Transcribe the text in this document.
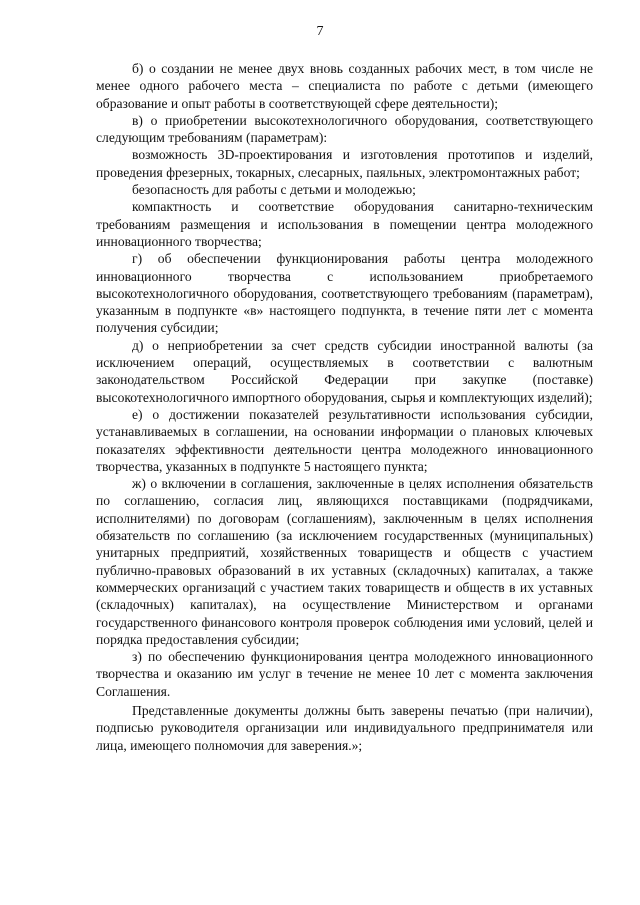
7

б) о создании не менее двух вновь созданных рабочих мест, в том числе не менее одного рабочего места – специалиста по работе с детьми (имеющего образование и опыт работы в соответствующей сфере деятельности);

в) о приобретении высокотехнологичного оборудования, соответствующего следующим требованиям (параметрам):

возможность 3D-проектирования и изготовления прототипов и изделий, проведения фрезерных, токарных, слесарных, паяльных, электромонтажных работ;

безопасность для работы с детьми и молодежью;

компактность и соответствие оборудования санитарно-техническим требованиям размещения и использования в помещении центра молодежного инновационного творчества;

г) об обеспечении функционирования работы центра молодежного инновационного творчества с использованием приобретаемого высокотехнологичного оборудования, соответствующего требованиям (параметрам), указанным в подпункте «в» настоящего подпункта, в течение пяти лет с момента получения субсидии;

д) о неприобретении за счет средств субсидии иностранной валюты (за исключением операций, осуществляемых в соответствии с валютным законодательством Российской Федерации при закупке (поставке) высокотехнологичного импортного оборудования, сырья и комплектующих изделий);

е) о достижении показателей результативности использования субсидии, устанавливаемых в соглашении, на основании информации о плановых ключевых показателях эффективности деятельности центра молодежного инновационного творчества, указанных в подпункте 5 настоящего пункта;

ж) о включении в соглашения, заключенные в целях исполнения обязательств по соглашению, согласия лиц, являющихся поставщиками (подрядчиками, исполнителями) по договорам (соглашениям), заключенным в целях исполнения обязательств по соглашению (за исключением государственных (муниципальных) унитарных предприятий, хозяйственных товариществ и обществ с участием публично-правовых образований в их уставных (складочных) капиталах, а также коммерческих организаций с участием таких товариществ и обществ в их уставных (складочных) капиталах), на осуществление Министерством и органами государственного финансового контроля проверок соблюдения ими условий, целей и порядка предоставления субсидии;

з) по обеспечению функционирования центра молодежного инновационного творчества и оказанию им услуг в течение не менее 10 лет с момента заключения Соглашения.

Представленные документы должны быть заверены печатью (при наличии), подписью руководителя организации или индивидуального предпринимателя или лица, имеющего полномочия для заверения.»;
